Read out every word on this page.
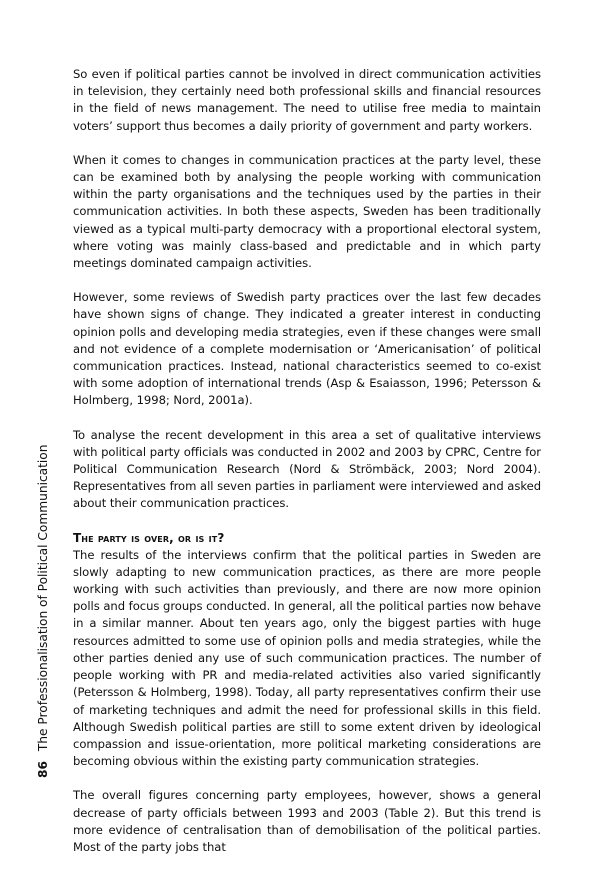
86 The Professionalisation of Political Communication

So even if political parties cannot be involved in direct communication activities in television, they certainly need both professional skills and financial resources in the field of news management. The need to utilise free media to maintain voters’ support thus becomes a daily priority of government and party workers.

When it comes to changes in communication practices at the party level, these can be examined both by analysing the people working with communication within the party organisations and the techniques used by the parties in their communication activities. In both these aspects, Sweden has been traditionally viewed as a typical multi-party democracy with a proportional electoral system, where voting was mainly class-based and predictable and in which party meetings dominated campaign activities.

However, some reviews of Swedish party practices over the last few decades have shown signs of change. They indicated a greater interest in conducting opinion polls and developing media strategies, even if these changes were small and not evidence of a complete modernisation or ‘Americanisation’ of political communication practices. Instead, national characteristics seemed to co-exist with some adoption of international trends (Asp & Esaiasson, 1996; Petersson & Holmberg, 1998; Nord, 2001a).

To analyse the recent development in this area a set of qualitative interviews with political party officials was conducted in 2002 and 2003 by CPRC, Centre for Political Communication Research (Nord & Strömbäck, 2003; Nord 2004). Representatives from all seven parties in parliament were interviewed and asked about their communication practices.

The party is over, or is it?

The results of the interviews confirm that the political parties in Sweden are slowly adapting to new communication practices, as there are more people working with such activities than previously, and there are now more opinion polls and focus groups conducted. In general, all the political parties now behave in a similar manner. About ten years ago, only the biggest parties with huge resources admitted to some use of opinion polls and media strategies, while the other parties denied any use of such communication practices. The number of people working with PR and media-related activities also varied significantly (Petersson & Holmberg, 1998). Today, all party representatives confirm their use of marketing techniques and admit the need for professional skills in this field. Although Swedish political parties are still to some extent driven by ideological compassion and issue-orientation, more political marketing considerations are becoming obvious within the existing party communication strategies.

The overall figures concerning party employees, however, shows a general decrease of party officials between 1993 and 2003 (Table 2). But this trend is more evidence of centralisation than of demobilisation of the political parties. Most of the party jobs that
